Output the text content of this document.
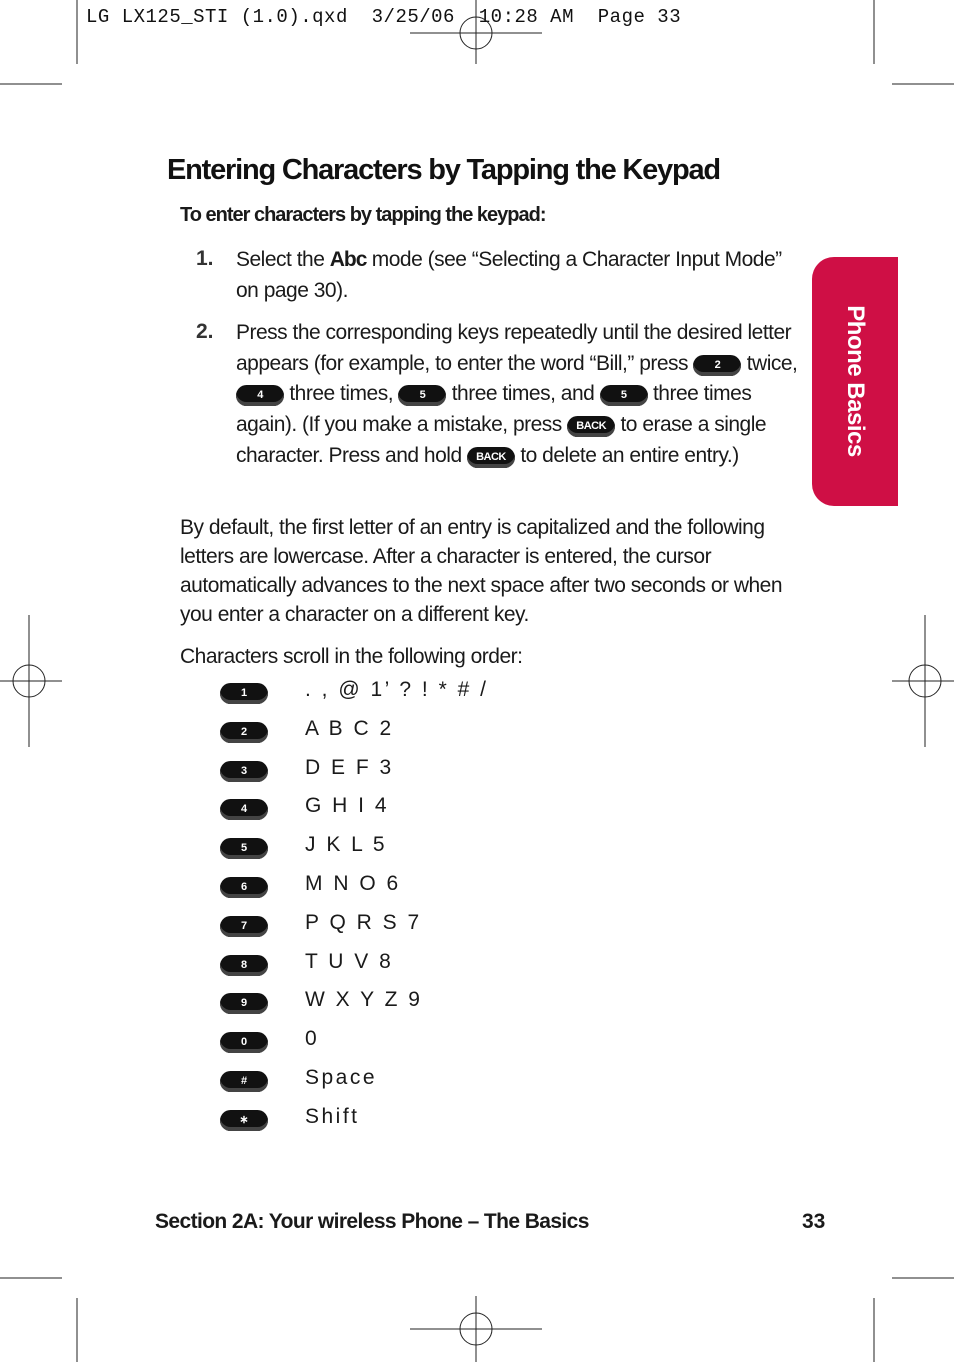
LG LX125_STI (1.0).qxd  3/25/06  10:28 AM  Page 33
Entering Characters by Tapping the Keypad
To enter characters by tapping the keypad:
1. Select the Abc mode (see “Selecting a Character Input Mode” on page 30).
2. Press the corresponding keys repeatedly until the desired letter appears (for example, to enter the word “Bill,” press 2 twice, 4 three times, 5 three times, and 5 three times again). (If you make a mistake, press BACK to erase a single character. Press and hold BACK to delete an entire entry.)
By default, the first letter of an entry is capitalized and the following letters are lowercase. After a character is entered, the cursor automatically advances to the next space after two seconds or when you enter a character on a different key.
Characters scroll in the following order:
1	. , @ 1’ ? ! * # /
2	A B C 2
3	D E F 3
4	G H I 4
5	J K L 5
6	M N O 6
7	P Q R S 7
8	T U V 8
9	W X Y Z 9
0	0
#	Space
∗	Shift
Phone Basics
Section 2A: Your wireless Phone – The Basics	33
